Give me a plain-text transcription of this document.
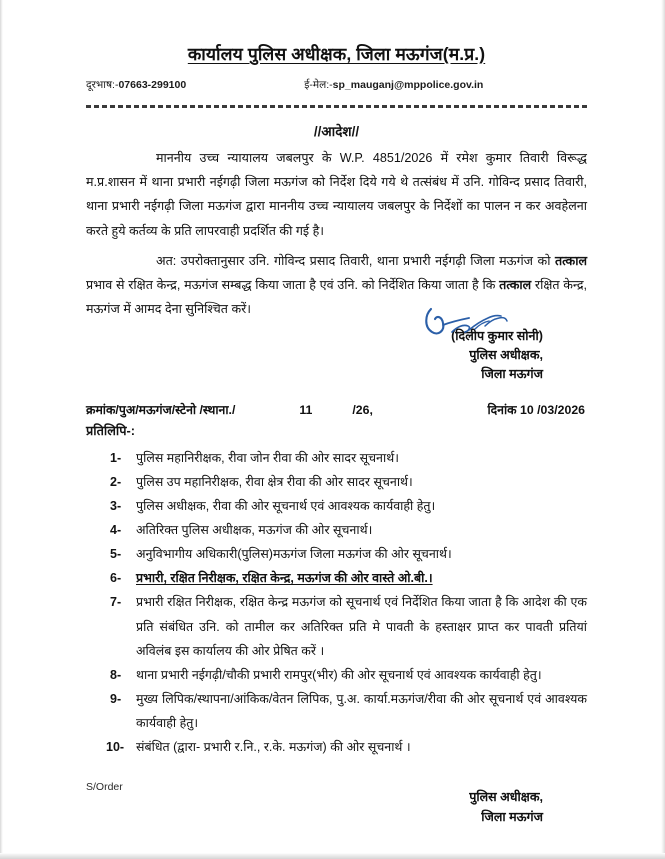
कार्यालय पुलिस अधीक्षक, जिला मऊगंज(म.प्र.)
दूरभाष:-07663-299100	ई-मेल:-sp_mauganj@mppolice.gov.in
//आदेश//
माननीय उच्च न्यायालय जबलपुर के W.P. 4851/2026 में रमेश कुमार तिवारी विरूद्ध म.प्र.शासन में थाना प्रभारी नईगढ़ी जिला मऊगंज को निर्देश दिये गये थे तत्संबंध में उनि. गोविन्द प्रसाद तिवारी, थाना प्रभारी नईगढ़ी जिला मऊगंज द्वारा माननीय उच्च न्यायालय जबलपुर के निर्देशों का पालन न कर अवहेलना करते हुये कर्तव्य के प्रति लापरवाही प्रदर्शित की गई है।
अत: उपरोक्तानुसार उनि. गोविन्द प्रसाद तिवारी, थाना प्रभारी नईगढ़ी जिला मऊगंज को तत्काल प्रभाव से रक्षित केन्द्र, मऊगंज सम्बद्ध किया जाता है एवं उनि. को निर्देशित किया जाता है कि तत्काल रक्षित केन्द्र, मऊगंज में आमद देना सुनिश्चित करें।
(दिलीप कुमार सोनी)
पुलिस अधीक्षक,
जिला मऊगंज
क्रमांक/पुअ/मऊगंज/स्टेनो /स्थाना./	11	/26,	दिनांक 10 /03/2026
प्रतिलिपि-:
1-	पुलिस महानिरीक्षक, रीवा जोन रीवा की ओर सादर सूचनार्थ।
2-	पुलिस उप महानिरीक्षक, रीवा क्षेत्र रीवा की ओर सादर सूचनार्थ।
3-	पुलिस अधीक्षक, रीवा की ओर सूचनार्थ एवं आवश्यक कार्यवाही हेतु।
4-	अतिरिक्त पुलिस अधीक्षक, मऊगंज की ओर सूचनार्थ।
5-	अनुविभागीय अधिकारी(पुलिस)मऊगंज जिला मऊगंज की ओर सूचनार्थ।
6-	प्रभारी, रक्षित निरीक्षक, रक्षित केन्द्र, मऊगंज की ओर वास्ते ओ.बी.।
7-	प्रभारी रक्षित निरीक्षक, रक्षित केन्द्र मऊगंज को सूचनार्थ एवं निर्देशित किया जाता है कि आदेश की एक प्रति संबंधित उनि. को तामील कर अतिरिक्त प्रति मे पावती के हस्ताक्षर प्राप्त कर पावती प्रतियां अविलंब इस कार्यालय की ओर प्रेषित करें ।
8-	थाना प्रभारी नईगढ़ी/चौकी प्रभारी रामपुर(भीर) की ओर सूचनार्थ एवं आवश्यक कार्यवाही हेतु।
9-	मुख्य लिपिक/स्थापना/आंकिक/वेतन लिपिक, पु.अ. कार्या.मऊगंज/रीवा की ओर सूचनार्थ एवं आवश्यक कार्यवाही हेतु।
10- संबंधित (द्वारा- प्रभारी र.नि., र.के. मऊगंज) की ओर सूचनार्थ ।
पुलिस अधीक्षक,
जिला मऊगंज
S/Order
